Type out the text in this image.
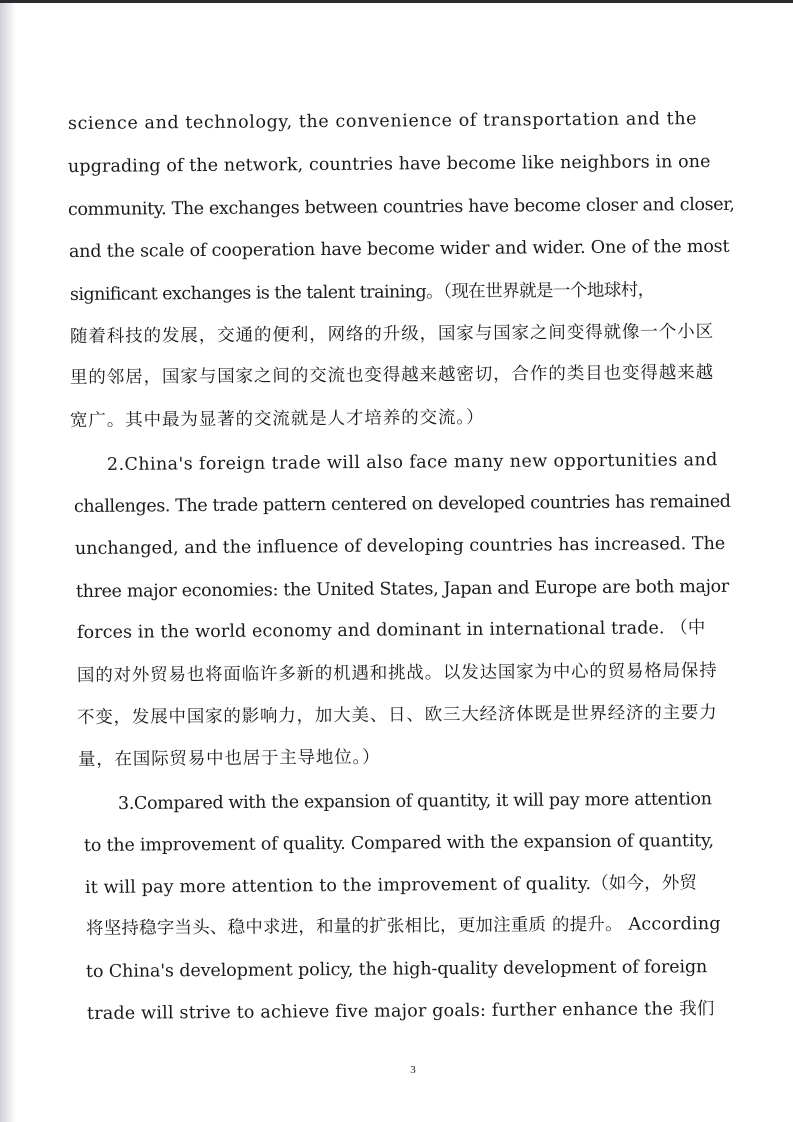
science and technology, the convenience of transportation and the
upgrading of the network, countries have become like neighbors in one
community. The exchanges between countries have become closer and closer,
and the scale of cooperation have become wider and wider. One of the most
significant exchanges is the talent training。（现在世界就是一个地球村，
随着科技的发展，交通的便利，网络的升级，国家与国家之间变得就像一个小区
里的邻居，国家与国家之间的交流也变得越来越密切，合作的类目也变得越来越
宽广。其中最为显著的交流就是人才培养的交流。）
2.China's foreign trade will also face many new opportunities and
challenges. The trade pattern centered on developed countries has remained
unchanged, and the influence of developing countries has increased. The
three major economies: the United States, Japan and Europe are both major
forces in the world economy and dominant in international trade. （中
国的对外贸易也将面临许多新的机遇和挑战。以发达国家为中心的贸易格局保持
不变，发展中国家的影响力，加大美、日、欧三大经济体既是世界经济的主要力
量，在国际贸易中也居于主导地位。）
3.Compared with the expansion of quantity, it will pay more attention
to the improvement of quality. Compared with the expansion of quantity,
it will pay more attention to the improvement of quality.（如今，外贸
将坚持稳字当头、稳中求进，和量的扩张相比，更加注重质 的提升。 According
to China's development policy, the high-quality development of foreign
trade will strive to achieve five major goals: further enhance the 我们
3
